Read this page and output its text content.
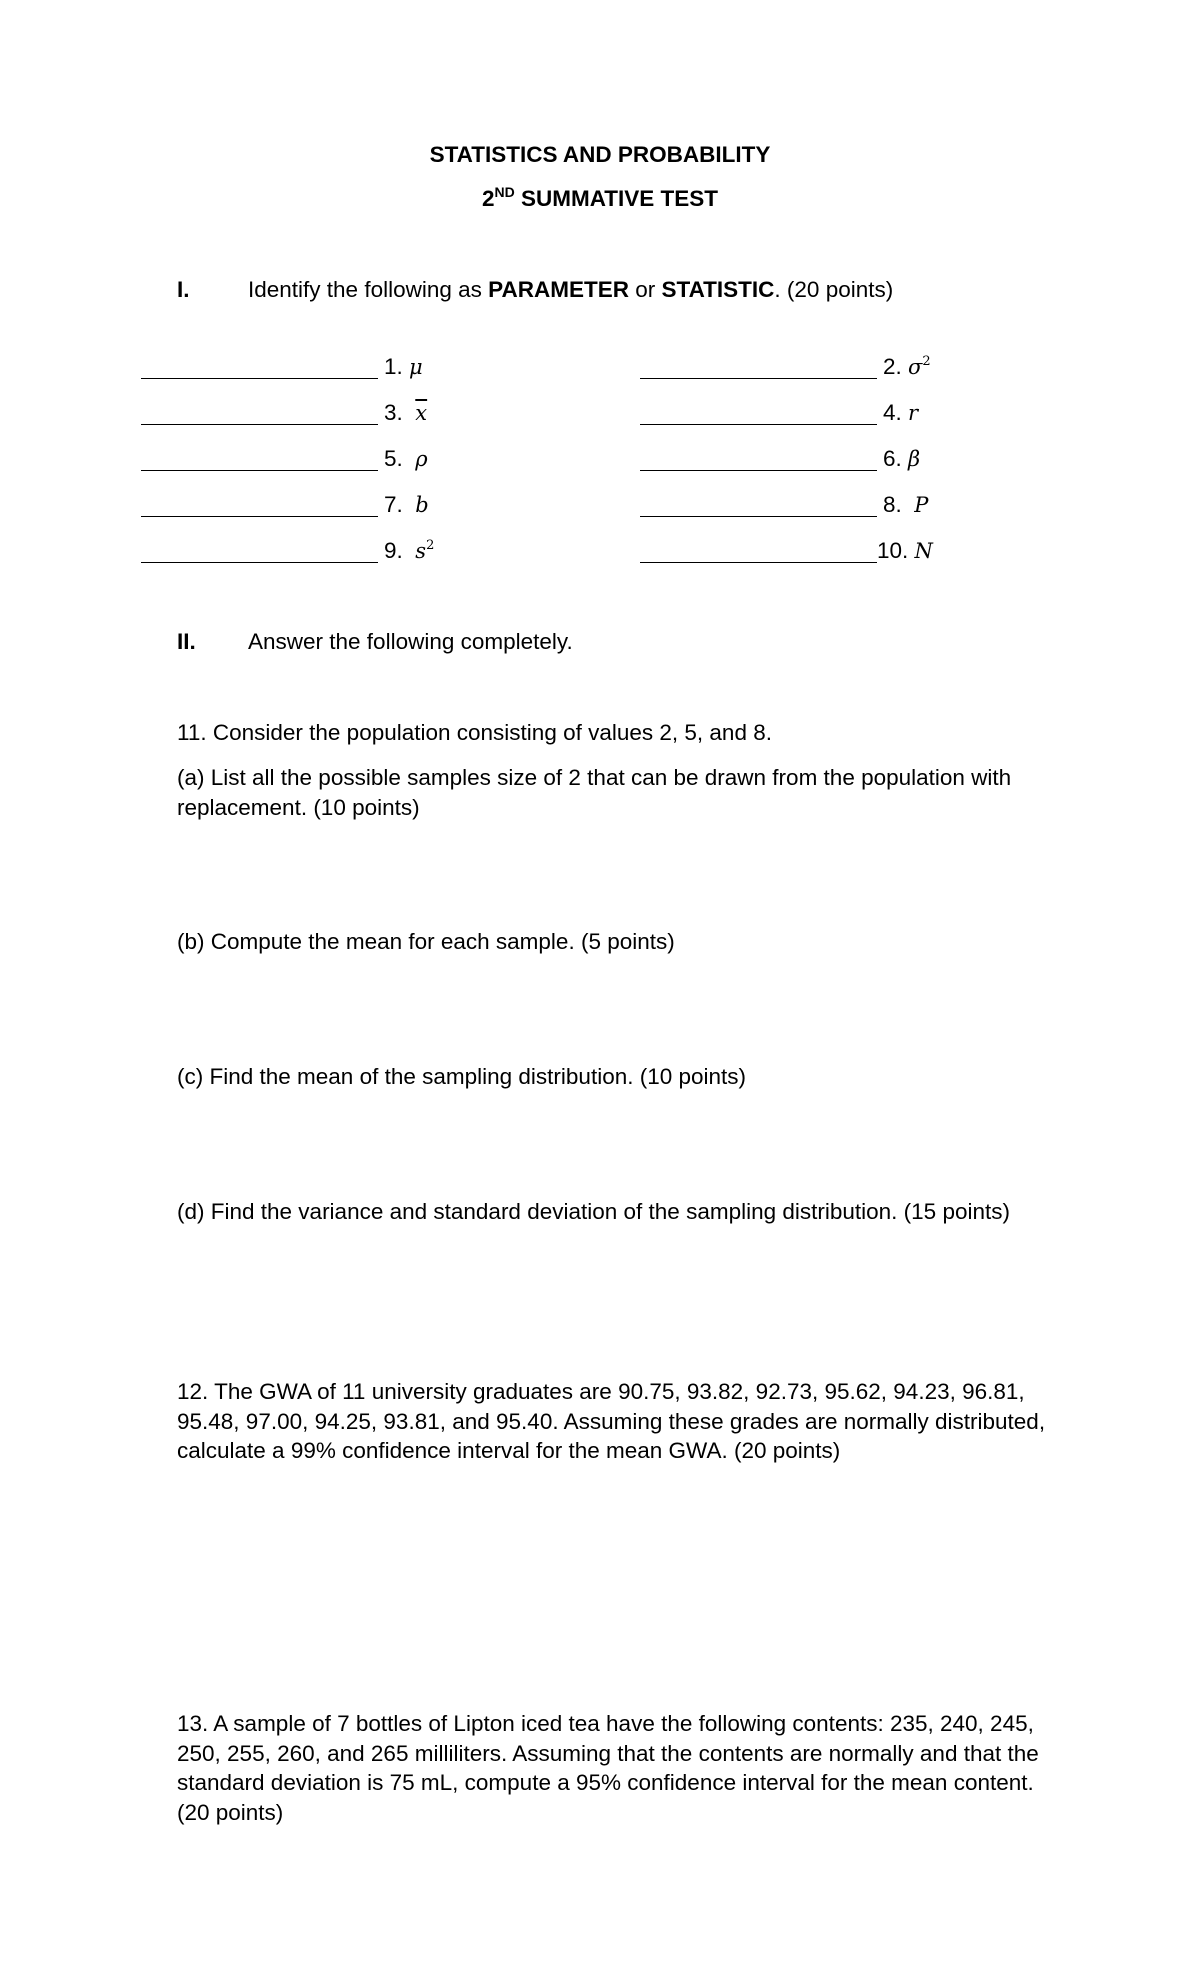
STATISTICS AND PROBABILITY
2ND SUMMATIVE TEST
I.	Identify the following as PARAMETER or STATISTIC. (20 points)
1. μ	2. $\sigma^2$
3. $\overline{x}$	4. r
5. ρ	6. β
7. b	8. P
9. $s^2$	10. N
II. Answer the following completely.
11. Consider the population consisting of values 2, 5, and 8.
(a) List all the possible samples size of 2 that can be drawn from the population with replacement. (10 points)
(b) Compute the mean for each sample. (5 points)
(c) Find the mean of the sampling distribution. (10 points)
(d) Find the variance and standard deviation of the sampling distribution. (15 points)
12. The GWA of 11 university graduates are 90.75, 93.82, 92.73, 95.62, 94.23, 96.81, 95.48, 97.00, 94.25, 93.81, and 95.40. Assuming these grades are normally distributed, calculate a 99% confidence interval for the mean GWA. (20 points)
13. A sample of 7 bottles of Lipton iced tea have the following contents: 235, 240, 245, 250, 255, 260, and 265 milliliters. Assuming that the contents are normally and that the standard deviation is 75 mL, compute a 95% confidence interval for the mean content. (20 points)
